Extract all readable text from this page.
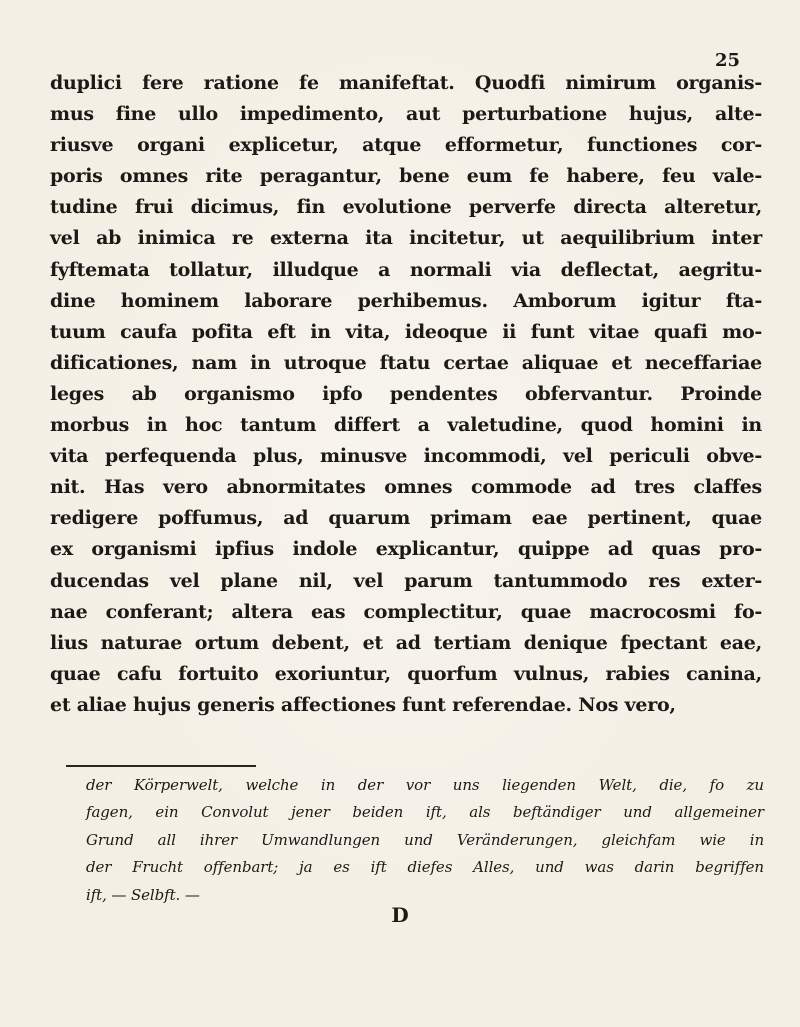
25
duplici fere ratione fe manifeftat. Quodfi nimirum organis-
mus fine ullo impedimento, aut perturbatione hujus, alte-
riusve organi explicetur, atque efformetur, functiones cor-
poris omnes rite peragantur, bene eum fe habere, feu vale-
tudine frui dicimus, fin evolutione perverfe directa alteretur,
vel ab inimica re externa ita incitetur, ut aequilibrium inter
fyftemata tollatur, illudque a normali via deflectat, aegritu-
dine hominem laborare perhibemus. Amborum igitur fta-
tuum caufa pofita eft in vita, ideoque ii funt vitae quafi mo-
dificationes, nam in utroque ftatu certae aliquae et neceffariae
leges ab organismo ipfo pendentes obfervantur. Proinde
morbus in hoc tantum differt a valetudine, quod homini in
vita perfequenda plus, minusve incommodi, vel periculi obve-
nit. Has vero abnormitates omnes commode ad tres claffes
redigere poffumus, ad quarum primam eae pertinent, quae
ex organismi ipfius indole explicantur, quippe ad quas pro-
ducendas vel plane nil, vel parum tantummodo res exter-
nae conferant; altera eas complectitur, quae macrocosmi fo-
lius naturae ortum debent, et ad tertiam denique fpectant eae,
quae cafu fortuito exoriuntur, quorfum vulnus, rabies canina,
et aliae hujus generis affectiones funt referendae. Nos vero,
der Körperwelt, welche in der vor uns liegenden Welt, die, fo zu
fagen, ein Convolut jener beiden ift, als beftändiger und allgemeiner
Grund all ihrer Umwandlungen und Veränderungen, gleichfam wie in
der Frucht offenbart; ja es ift diefes Alles, und was darin begriffen
ift, — Selbft. —
D
